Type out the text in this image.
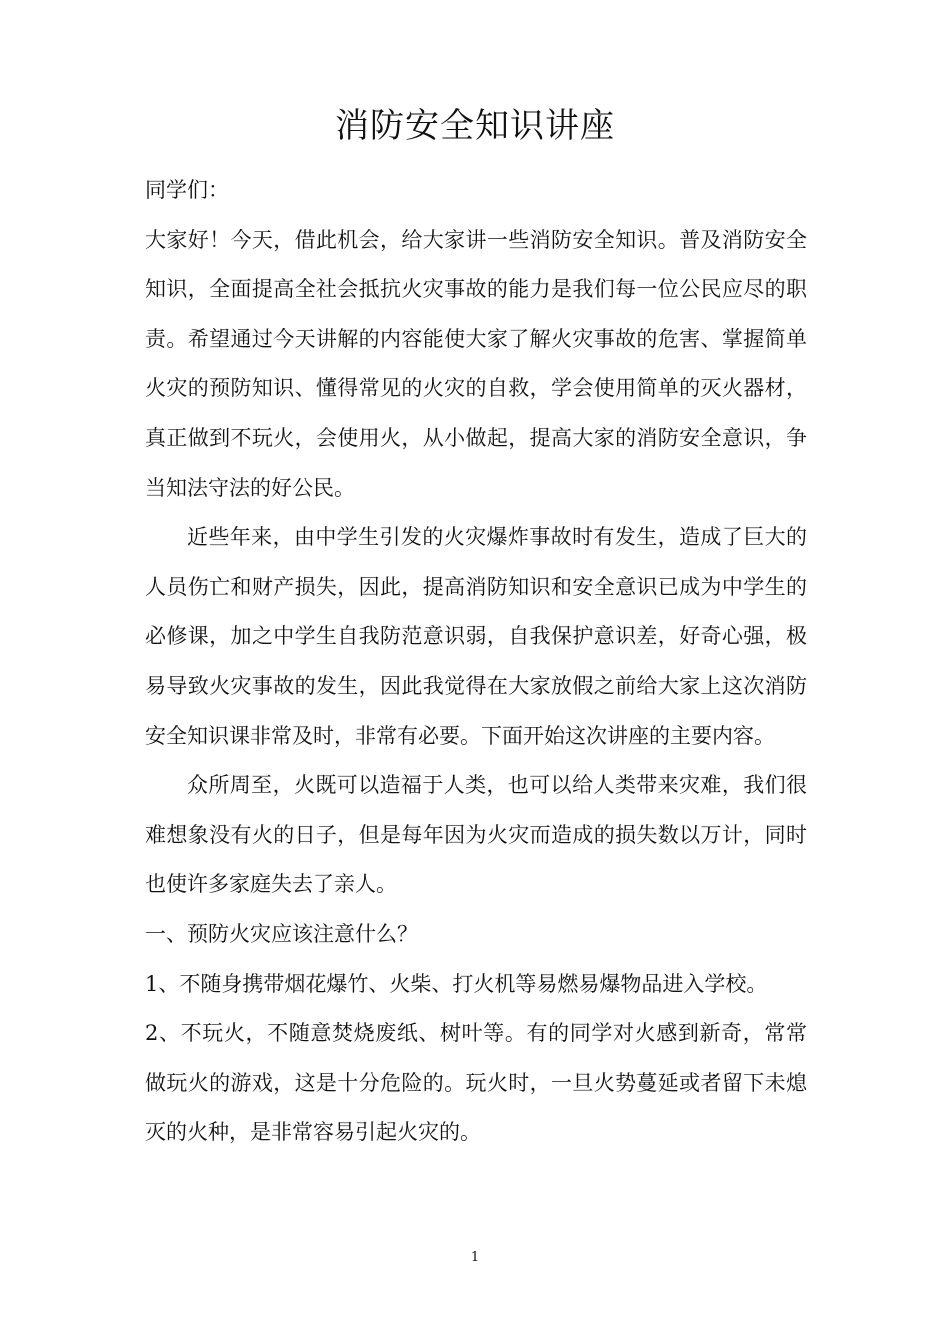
消防安全知识讲座

同学们：

大家好！今天，借此机会，给大家讲一些消防安全知识。普及消防安全知识，全面提高全社会抵抗火灾事故的能力是我们每一位公民应尽的职责。希望通过今天讲解的内容能使大家了解火灾事故的危害、掌握简单火灾的预防知识、懂得常见的火灾的自救，学会使用简单的灭火器材，真正做到不玩火，会使用火，从小做起，提高大家的消防安全意识，争当知法守法的好公民。

近些年来，由中学生引发的火灾爆炸事故时有发生，造成了巨大的人员伤亡和财产损失，因此，提高消防知识和安全意识已成为中学生的必修课，加之中学生自我防范意识弱，自我保护意识差，好奇心强，极易导致火灾事故的发生，因此我觉得在大家放假之前给大家上这次消防安全知识课非常及时，非常有必要。下面开始这次讲座的主要内容。

众所周至，火既可以造福于人类，也可以给人类带来灾难，我们很难想象没有火的日子，但是每年因为火灾而造成的损失数以万计，同时也使许多家庭失去了亲人。

一、预防火灾应该注意什么？

1、不随身携带烟花爆竹、火柴、打火机等易燃易爆物品进入学校。

2、不玩火，不随意焚烧废纸、树叶等。有的同学对火感到新奇，常常做玩火的游戏，这是十分危险的。玩火时，一旦火势蔓延或者留下未熄灭的火种，是非常容易引起火灾的。

1
